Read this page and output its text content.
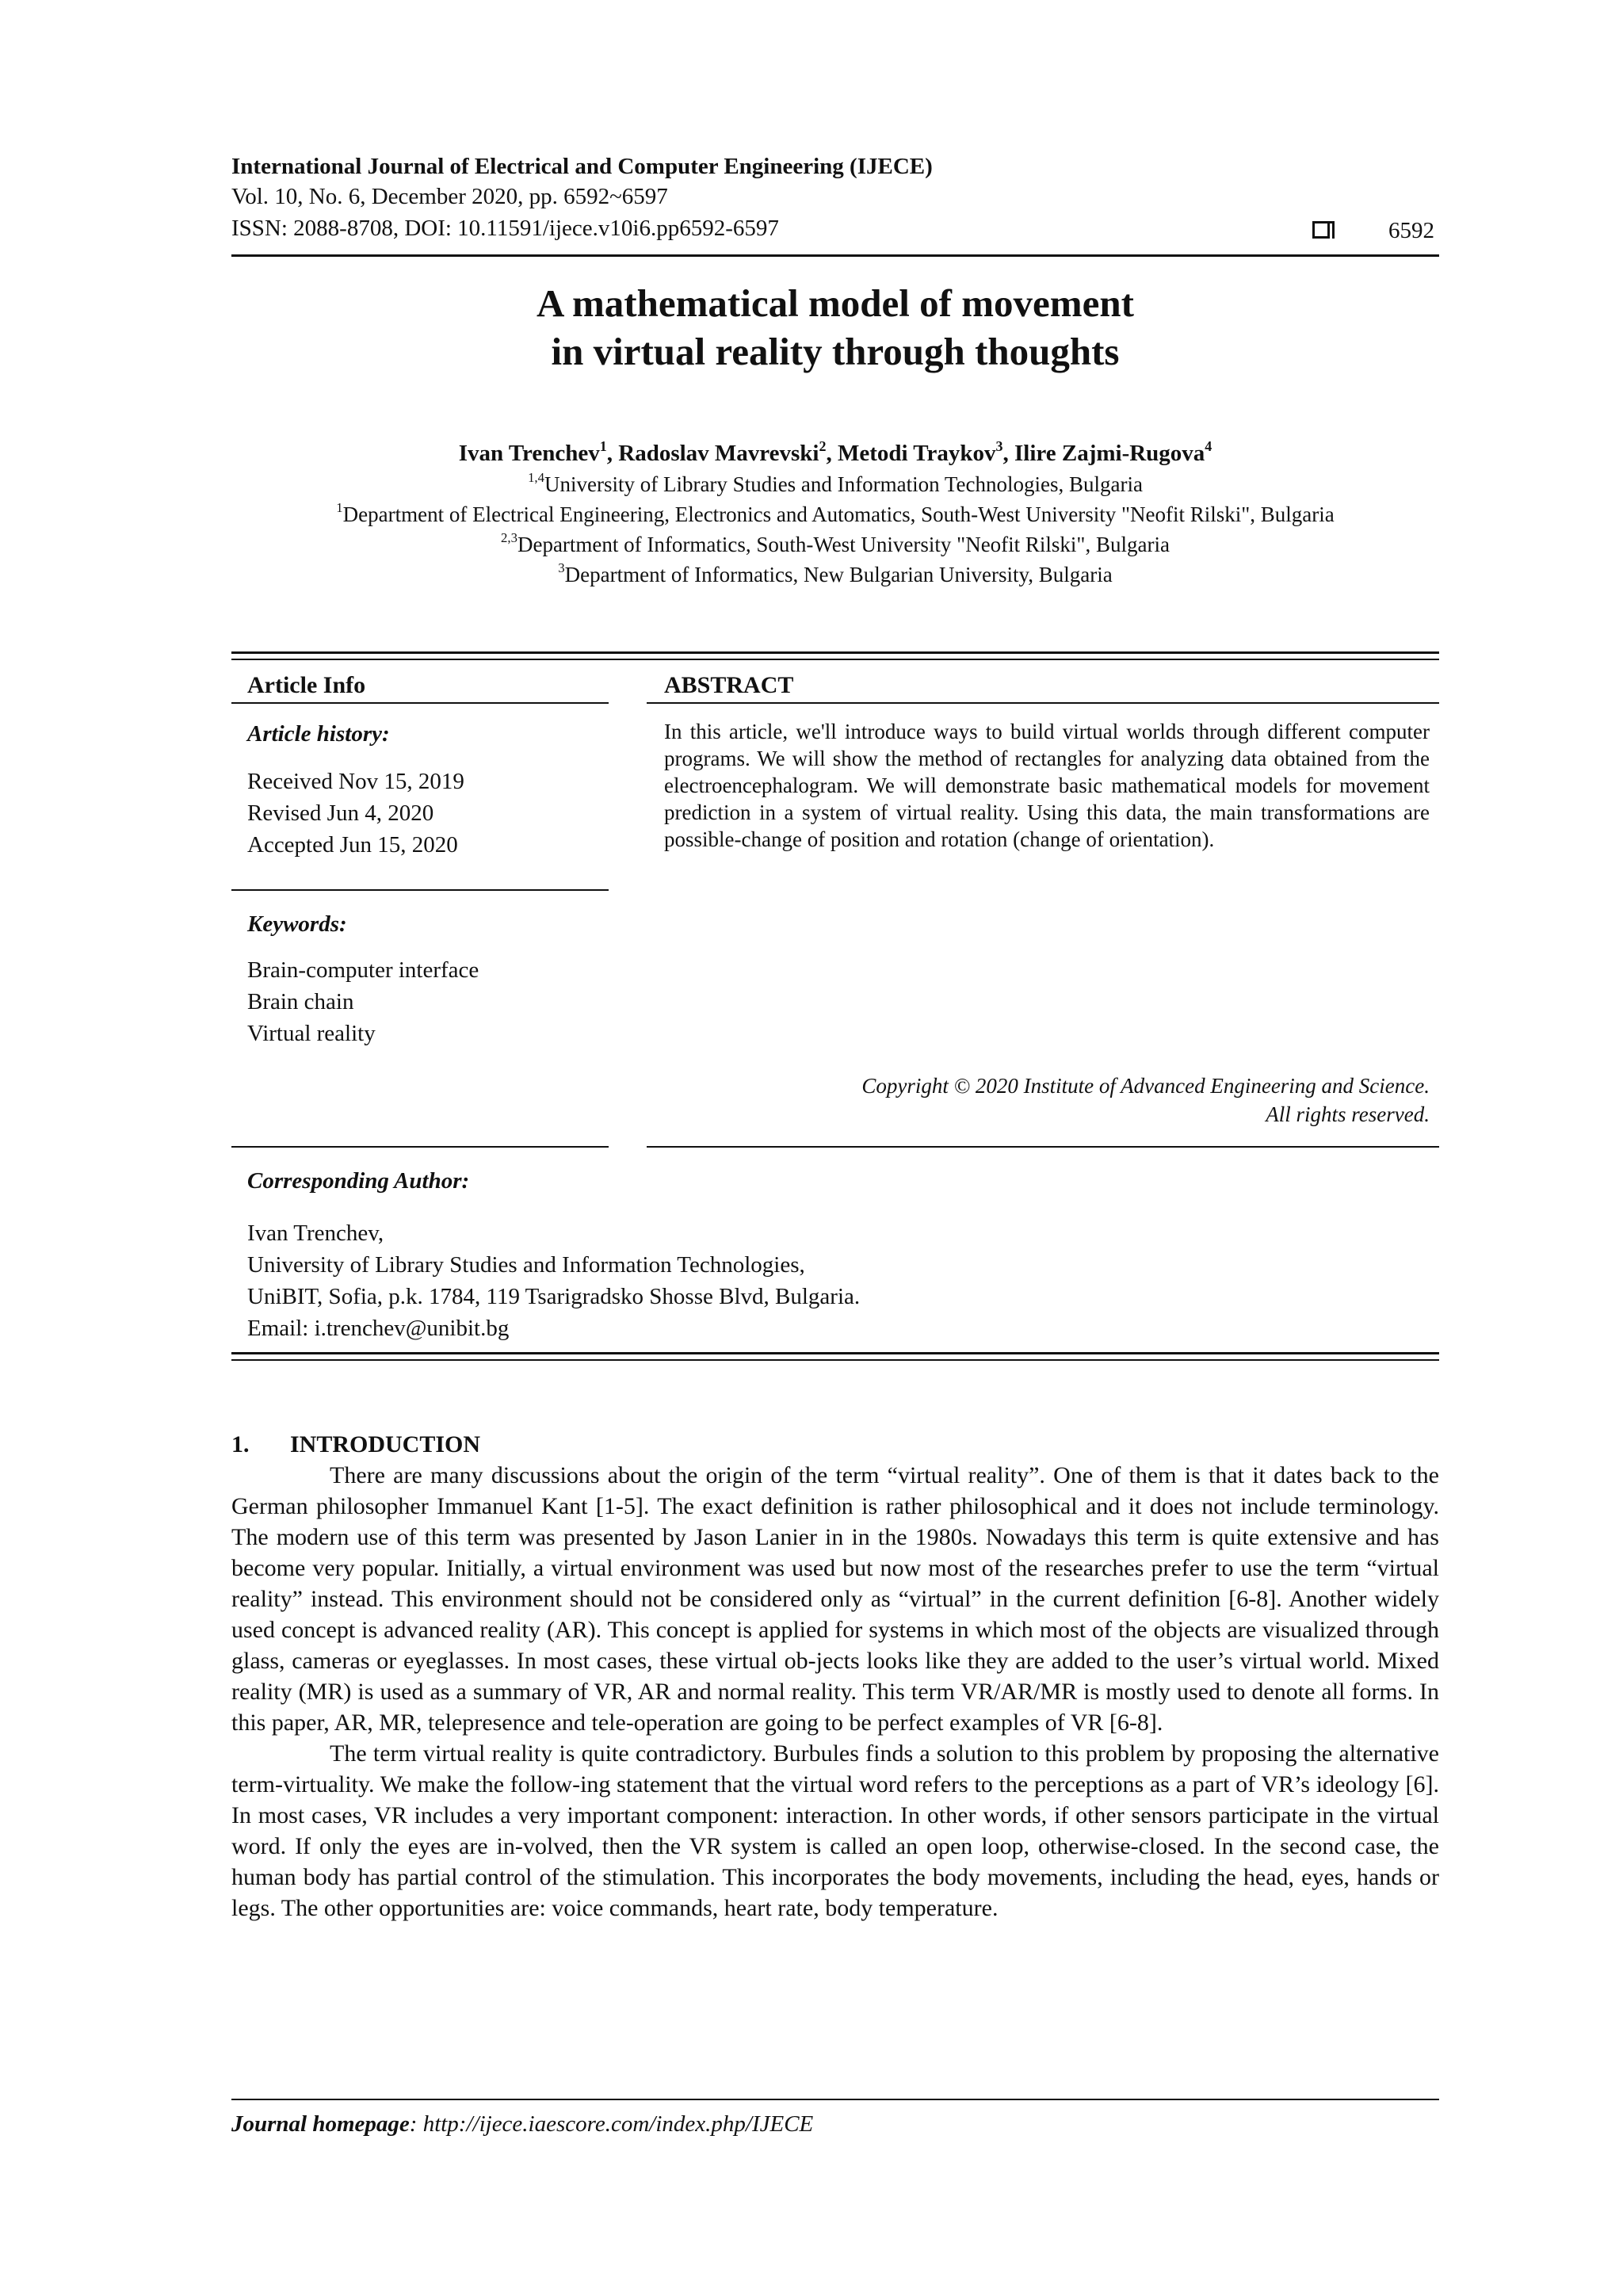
International Journal of Electrical and Computer Engineering (IJECE)
Vol. 10, No. 6, December 2020, pp. 6592~6597
ISSN: 2088-8708, DOI: 10.11591/ijece.v10i6.pp6592-6597	6592
A mathematical model of movement
in virtual reality through thoughts
Ivan Trenchev$^1$, Radoslav Mavrevski$^2$, Metodi Traykov$^3$, Ilire Zajmi-Rugova$^4$
$^{1,4}$University of Library Studies and Information Technologies, Bulgaria
$^1$Department of Electrical Engineering, Electronics and Automatics, South-West University "Neofit Rilski", Bulgaria
$^{2,3}$Department of Informatics, South-West University "Neofit Rilski", Bulgaria
$^3$Department of Informatics, New Bulgarian University, Bulgaria
Article Info
Article history:
Received Nov 15, 2019
Revised Jun 4, 2020
Accepted Jun 15, 2020
Keywords:
Brain-computer interface
Brain chain
Virtual reality
ABSTRACT
In this article, we'll introduce ways to build virtual worlds through different computer programs. We will show the method of rectangles for analyzing data obtained from the electroencephalogram. We will demonstrate basic mathematical models for movement prediction in a system of virtual reality. Using this data, the main transformations are possible-change of position and rotation (change of orientation).
Copyright © 2020 Institute of Advanced Engineering and Science.
All rights reserved.
Corresponding Author:
Ivan Trenchev,
University of Library Studies and Information Technologies,
UniBIT, Sofia, p.k. 1784, 119 Tsarigradsko Shosse Blvd, Bulgaria.
Email: i.trenchev@unibit.bg
1. INTRODUCTION

There are many discussions about the origin of the term “virtual reality”. One of them is that it dates back to the German philosopher Immanuel Kant [1-5]. The exact definition is rather philosophical and it does not include terminology. The modern use of this term was presented by Jason Lanier in in the 1980s. Nowadays this term is quite extensive and has become very popular. Initially, a virtual environment was used but now most of the researches prefer to use the term “virtual reality” instead. This environment should not be considered only as “virtual” in the current definition [6-8]. Another widely used concept is advanced reality (AR). This concept is applied for systems in which most of the objects are visualized through glass, cameras or eyeglasses. In most cases, these virtual ob-jects looks like they are added to the user’s virtual world. Mixed reality (MR) is used as a summary of VR, AR and normal reality. This term VR/AR/MR is mostly used to denote all forms. In this paper, AR, MR, telepresence and tele-operation are going to be perfect examples of VR [6-8].

The term virtual reality is quite contradictory. Burbules finds a solution to this problem by proposing the alternative term-virtuality. We make the follow-ing statement that the virtual word refers to the perceptions as a part of VR’s ideology [6]. In most cases, VR includes a very important component: interaction. In other words, if other sensors participate in the virtual word. If only the eyes are in-volved, then the VR system is called an open loop, otherwise-closed. In the second case, the human body has partial control of the stimulation. This incorporates the body movements, including the head, eyes, hands or legs. The other opportunities are: voice commands, heart rate, body temperature.

Journal homepage: http://ijece.iaescore.com/index.php/IJECE
